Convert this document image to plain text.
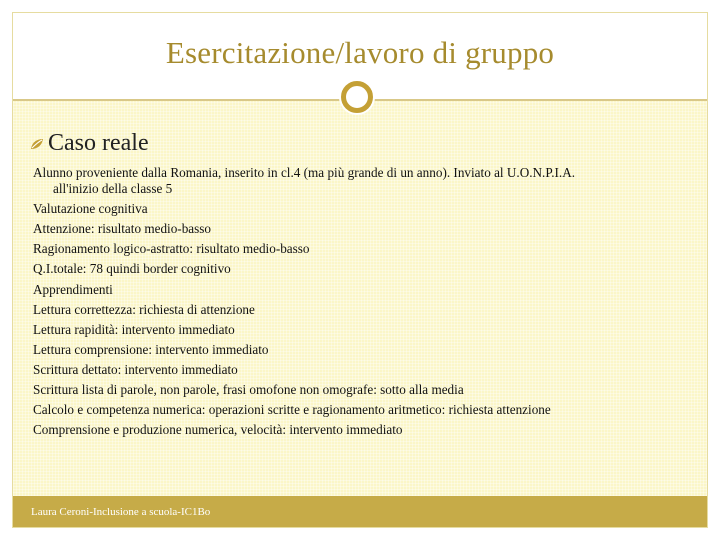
Esercitazione/lavoro di gruppo
Caso reale
Alunno proveniente dalla Romania, inserito in cl.4 (ma più grande di un anno). Inviato al U.O.N.P.I.A.
all'inizio della classe 5
Valutazione cognitiva
Attenzione: risultato medio-basso
Ragionamento logico-astratto: risultato medio-basso
Q.I.totale: 78 quindi border cognitivo
Apprendimenti
Lettura correttezza: richiesta di attenzione
Lettura rapidità: intervento immediato
Lettura comprensione: intervento immediato
Scrittura dettato: intervento immediato
Scrittura lista di parole, non parole, frasi omofone non omografe: sotto alla media
Calcolo e competenza numerica: operazioni scritte e ragionamento aritmetico: richiesta attenzione
Comprensione e produzione numerica, velocità: intervento immediato
Laura Ceroni-Inclusione a scuola-IC1Bo
